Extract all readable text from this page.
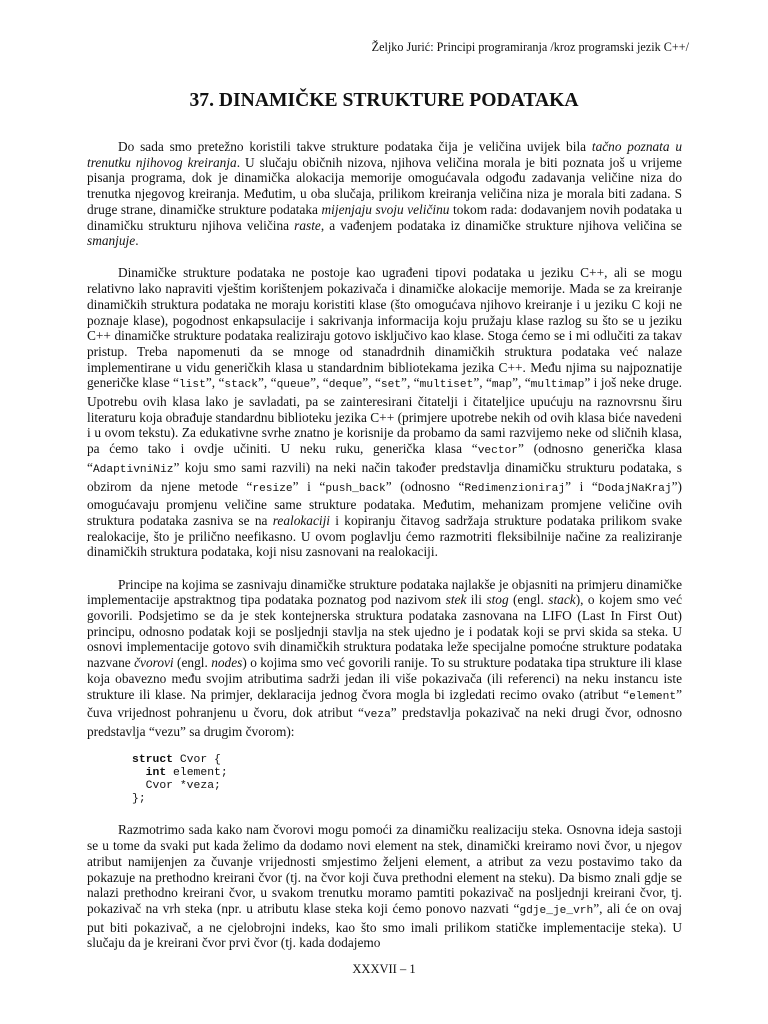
Željko Jurić: Principi programiranja /kroz programski jezik C++/
37. DINAMIČKE STRUKTURE PODATAKA

Do sada smo pretežno koristili takve strukture podataka čija je veličina uvijek bila tačno poznata u trenutku njihovog kreiranja. U slučaju običnih nizova, njihova veličina morala je biti poznata još u vrijeme pisanja programa, dok je dinamička alokacija memorije omogućavala odgođu zadavanja veličine niza do trenutka njegovog kreiranja. Međutim, u oba slučaja, prilikom kreiranja veličina niza je morala biti zadana. S druge strane, dinamičke strukture podataka mijenjaju svoju veličinu tokom rada: dodavanjem novih podataka u dinamičku strukturu njihova veličina raste, a vađenjem podataka iz dinamičke strukture njihova veličina se smanjuje.

Dinamičke strukture podataka ne postoje kao ugrađeni tipovi podataka u jeziku C++, ali se mogu relativno lako napraviti vještim korištenjem pokazivača i dinamičke alokacije memorije. Mada se za kreiranje dinamičkih struktura podataka ne moraju koristiti klase (što omogućava njihovo kreiranje i u jeziku C koji ne poznaje klase), pogodnost enkapsulacije i sakrivanja informacija koju pružaju klase razlog su što se u jeziku C++ dinamičke strukture podataka realiziraju gotovo isključivo kao klase. Stoga ćemo se i mi odlučiti za takav pristup. Treba napomenuti da se mnoge od stanadrdnih dinamičkih struktura podataka već nalaze implementirane u vidu generičkih klasa u standardnim bibliotekama jezika C++. Među njima su najpoznatije generičke klase “list”, “stack”, “queue”, “deque”, “set”, “multiset”, “map”, “multimap” i još neke druge. Upotrebu ovih klasa lako je savladati, pa se zainteresirani čitatelji i čitateljice upućuju na raznovrsnu širu literaturu koja obrađuje standardnu biblioteku jezika C++ (primjere upotrebe nekih od ovih klasa biće navedeni i u ovom tekstu). Za edukativne svrhe znatno je korisnije da probamo da sami razvijemo neke od sličnih klasa, pa ćemo tako i ovdje učiniti. U neku ruku, generička klasa “vector” (odnosno generička klasa “AdaptivniNiz” koju smo sami razvili) na neki način također predstavlja dinamičku strukturu podataka, s obzirom da njene metode “resize” i “push_back” (odnosno “Redimenzioniraj” i “DodajNaKraj”) omogućavaju promjenu veličine same strukture podataka. Međutim, mehanizam promjene veličine ovih struktura podataka zasniva se na realokaciji i kopiranju čitavog sadržaja strukture podataka prilikom svake realokacije, što je prilično neefikasno. U ovom poglavlju ćemo razmotriti fleksibilnije načine za realiziranje dinamičkih struktura podataka, koji nisu zasnovani na realokaciji.

Principe na kojima se zasnivaju dinamičke strukture podataka najlakše je objasniti na primjeru dinamičke implementacije apstraktnog tipa podataka poznatog pod nazivom stek ili stog (engl. stack), o kojem smo već govorili. Podsjetimo se da je stek kontejnerska struktura podataka zasnovana na LIFO (Last In First Out) principu, odnosno podatak koji se posljednji stavlja na stek ujedno je i podatak koji se prvi skida sa steka. U osnovi implementacije gotovo svih dinamičkih struktura podataka leže specijalne pomoćne strukture podataka nazvane čvorovi (engl. nodes) o kojima smo već govorili ranije. To su strukture podataka tipa strukture ili klase koja obavezno među svojim atributima sadrži jedan ili više pokazivača (ili referenci) na neku instancu iste strukture ili klase. Na primjer, deklaracija jednog čvora mogla bi izgledati recimo ovako (atribut “element” čuva vrijednost pohranjenu u čvoru, dok atribut “veza” predstavlja pokazivač na neki drugi čvor, odnosno predstavlja “vezu” sa drugim čvorom):

struct Cvor {
int element;
Cvor *veza;
};

Razmotrimo sada kako nam čvorovi mogu pomoći za dinamičku realizaciju steka. Osnovna ideja sastoji se u tome da svaki put kada želimo da dodamo novi element na stek, dinamički kreiramo novi čvor, u njegov atribut namijenjen za čuvanje vrijednosti smjestimo željeni element, a atribut za vezu postavimo tako da pokazuje na prethodno kreirani čvor (tj. na čvor koji čuva prethodni element na steku). Da bismo znali gdje se nalazi prethodno kreirani čvor, u svakom trenutku moramo pamtiti pokazivač na posljednji kreirani čvor, tj. pokazivač na vrh steka (npr. u atributu klase steka koji ćemo ponovo nazvati “gdje_je_vrh”, ali će on ovaj put biti pokazivač, a ne cjelobrojni indeks, kao što smo imali prilikom statičke implementacije steka). U slučaju da je kreirani čvor prvi čvor (tj. kada dodajemo

XXXVII – 1
